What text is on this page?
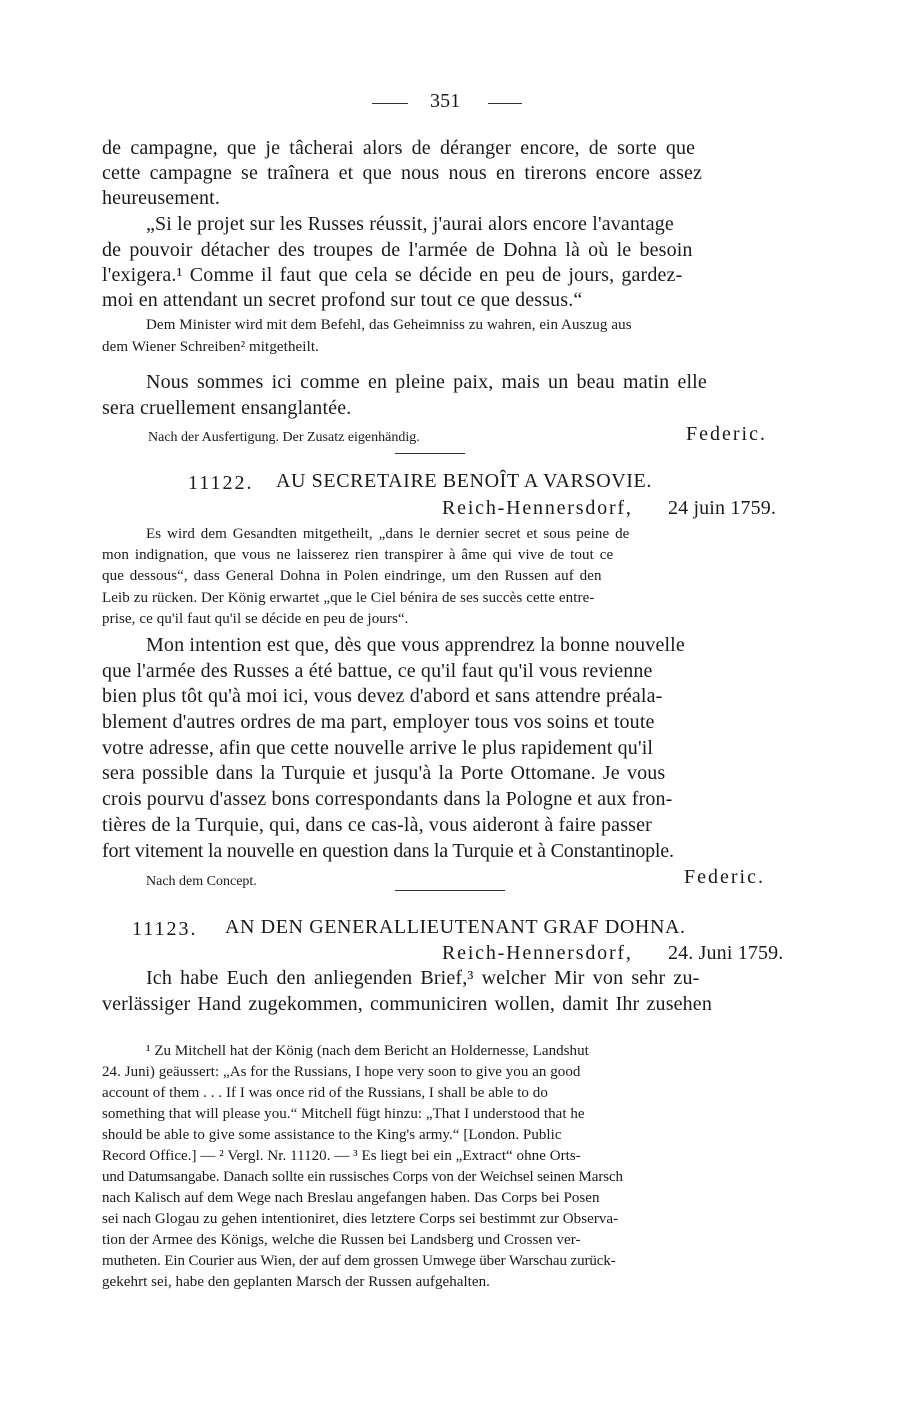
351
de campagne, que je tâcherai alors de déranger encore, de sorte que
cette campagne se traînera et que nous nous en tirerons encore assez
heureusement.
„Si le projet sur les Russes réussit, j'aurai alors encore l'avantage
de pouvoir détacher des troupes de l'armée de Dohna là où le besoin
l'exigera.¹ Comme il faut que cela se décide en peu de jours, gardez-
moi en attendant un secret profond sur tout ce que dessus.“
Dem Minister wird mit dem Befehl, das Geheimniss zu wahren, ein Auszug aus
dem Wiener Schreiben² mitgetheilt.
Nous sommes ici comme en pleine paix, mais un beau matin elle
sera cruellement ensanglantée.
Nach der Ausfertigung. Der Zusatz eigenhändig.	Federic.
11122. AU SECRETAIRE BENOÎT A VARSOVIE.
Reich-Hennersdorf, 24 juin 1759.
Es wird dem Gesandten mitgetheilt, „dans le dernier secret et sous peine de
mon indignation, que vous ne laisserez rien transpirer à âme qui vive de tout ce
que dessous“, dass General Dohna in Polen eindringe, um den Russen auf den
Leib zu rücken. Der König erwartet „que le Ciel bénira de ses succès cette entre-
prise, ce qu'il faut qu'il se décide en peu de jours“.
Mon intention est que, dès que vous apprendrez la bonne nouvelle
que l'armée des Russes a été battue, ce qu'il faut qu'il vous revienne
bien plus tôt qu'à moi ici, vous devez d'abord et sans attendre préala-
blement d'autres ordres de ma part, employer tous vos soins et toute
votre adresse, afin que cette nouvelle arrive le plus rapidement qu'il
sera possible dans la Turquie et jusqu'à la Porte Ottomane. Je vous
crois pourvu d'assez bons correspondants dans la Pologne et aux fron-
tières de la Turquie, qui, dans ce cas-là, vous aideront à faire passer
fort vitement la nouvelle en question dans la Turquie et à Constantinople.
Nach dem Concept.	Federic.
11123. AN DEN GENERALLIEUTENANT GRAF DOHNA.
Reich-Hennersdorf, 24. Juni 1759.
Ich habe Euch den anliegenden Brief,³ welcher Mir von sehr zu-
verlässiger Hand zugekommen, communiciren wollen, damit Ihr zusehen
¹ Zu Mitchell hat der König (nach dem Bericht an Holdernesse, Landshut
24. Juni) geäussert: „As for the Russians, I hope very soon to give you an good
account of them . . . If I was once rid of the Russians, I shall be able to do
something that will please you.“ Mitchell fügt hinzu: „That I understood that he
should be able to give some assistance to the King's army.“ [London. Public
Record Office.] — ² Vergl. Nr. 11120. — ³ Es liegt bei ein „Extract“ ohne Orts-
und Datumsangabe. Danach sollte ein russisches Corps von der Weichsel seinen Marsch
nach Kalisch auf dem Wege nach Breslau angefangen haben. Das Corps bei Posen
sei nach Glogau zu gehen intentioniret, dies letztere Corps sei bestimmt zur Observa-
tion der Armee des Königs, welche die Russen bei Landsberg und Crossen ver-
mutheten. Ein Courier aus Wien, der auf dem grossen Umwege über Warschau zurück-
gekehrt sei, habe den geplanten Marsch der Russen aufgehalten.
